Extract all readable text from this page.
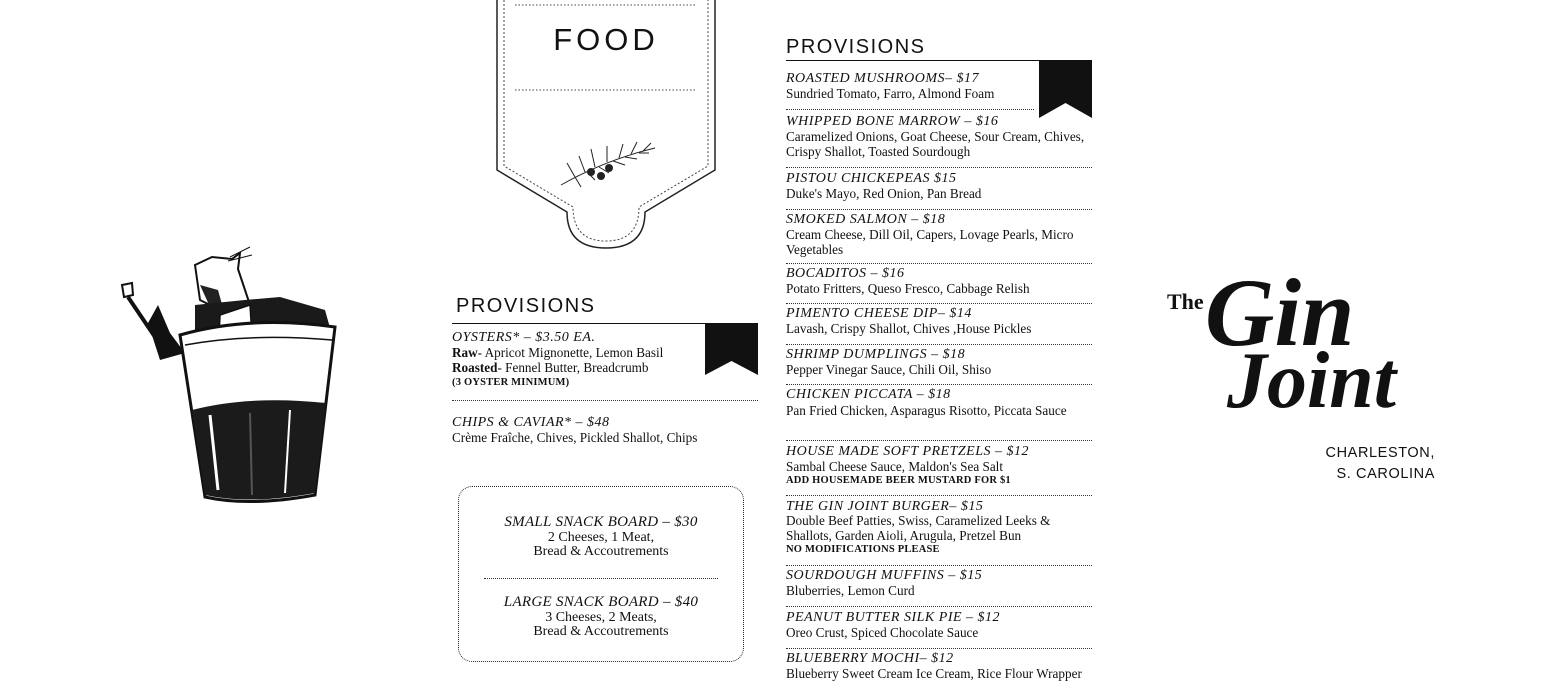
FOOD
PROVISIONS
OYSTERS* – $3.50 EA.
Raw- Apricot Mignonette, Lemon Basil
Roasted- Fennel Butter, Breadcrumb
(3 OYSTER MINIMUM)
CHIPS & CAVIAR* – $48
Crème Fraîche, Chives, Pickled Shallot, Chips
SMALL SNACK BOARD – $30
2 Cheeses, 1 Meat,
Bread & Accoutrements
LARGE SNACK BOARD – $40
3 Cheeses, 2 Meats,
Bread & Accoutrements
PROVISIONS
ROASTED MUSHROOMS– $17
Sundried Tomato, Farro, Almond Foam
WHIPPED BONE MARROW – $16
Caramelized Onions, Goat Cheese, Sour Cream, Chives, Crispy Shallot, Toasted Sourdough
PISTOU CHICKEPEAS $15
Duke's Mayo, Red Onion, Pan Bread
SMOKED SALMON – $18
Cream Cheese, Dill Oil, Capers, Lovage Pearls, Micro Vegetables
BOCADITOS – $16
Potato Fritters, Queso Fresco, Cabbage Relish
PIMENTO CHEESE DIP– $14
Lavash, Crispy Shallot, Chives ,House Pickles
SHRIMP DUMPLINGS – $18
Pepper Vinegar Sauce, Chili Oil, Shiso
CHICKEN PICCATA – $18
Pan Fried Chicken, Asparagus Risotto, Piccata Sauce
HOUSE MADE SOFT PRETZELS – $12
Sambal Cheese Sauce, Maldon's Sea Salt
ADD HOUSEMADE BEER MUSTARD FOR $1
THE GIN JOINT BURGER– $15
Double Beef Patties, Swiss, Caramelized Leeks & Shallots, Garden Aioli, Arugula, Pretzel Bun
NO MODIFICATIONS PLEASE
SOURDOUGH MUFFINS – $15
Bluberries, Lemon Curd
PEANUT BUTTER SILK PIE – $12
Oreo Crust, Spiced Chocolate Sauce
BLUEBERRY MOCHI– $12
Blueberry Sweet Cream Ice Cream, Rice Flour Wrapper
The Gin
Joint
CHARLESTON,
S. CAROLINA
